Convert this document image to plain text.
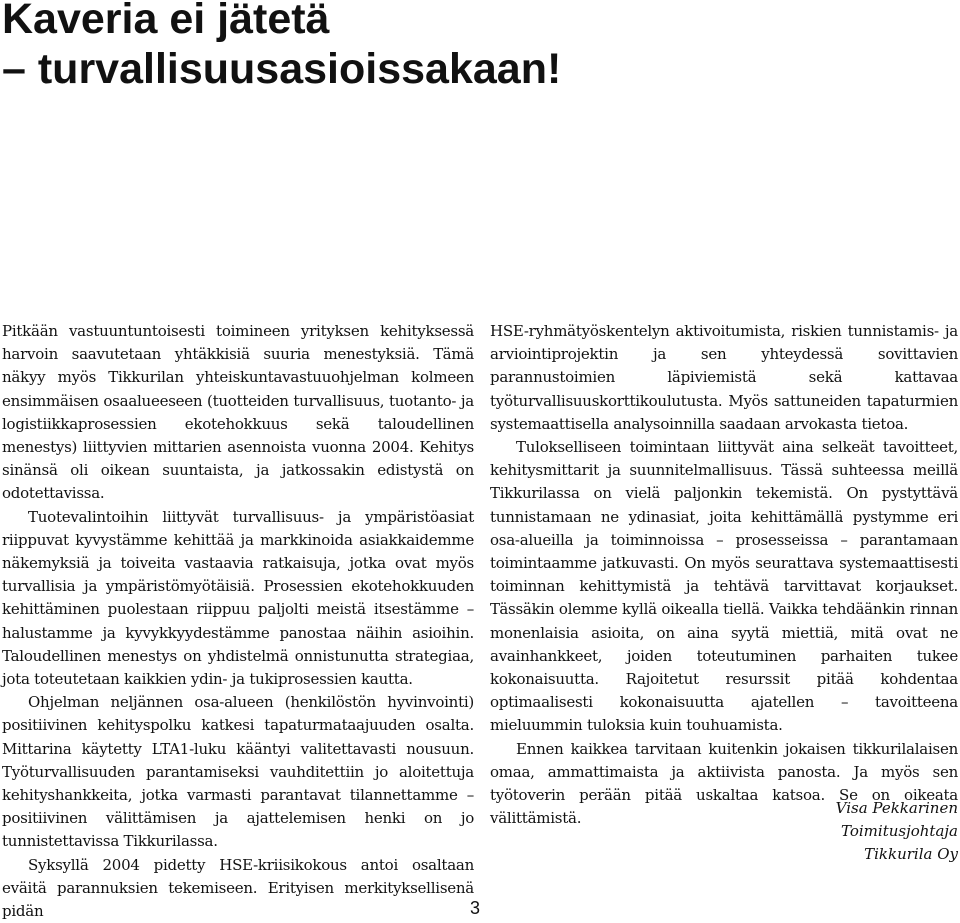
Kaveria ei jätetä
– turvallisuusasioissakaan!

Pitkään vastuuntuntoisesti toimineen yrityksen kehityksessä harvoin saavutetaan yhtäkkisiä suuria menestyksiä. Tämä näkyy myös Tikkurilan yhteiskuntavastuuohjelman kolmeen ensimmäisen osaalueeseen (tuotteiden turvallisuus, tuotanto- ja logistiikkaprosessien ekotehokkuus sekä taloudellinen menestys) liittyvien mittarien asennoista vuonna 2004. Kehitys sinänsä oli oikean suuntaista, ja jatkossakin edistystä on odotettavissa.

Tuotevalintoihin liittyvät turvallisuus- ja ympäristöasiat riippuvat kyvystämme kehittää ja markkinoida asiakkaidemme näkemyksiä ja toiveita vastaavia ratkaisuja, jotka ovat myös turvallisia ja ympäristömyötäisiä. Prosessien ekotehokkuuden kehittäminen puolestaan riippuu paljolti meistä itsestämme – halustamme ja kyvykkyydestämme panostaa näihin asioihin. Taloudellinen menestys on yhdistelmä onnistunutta strategiaa, jota toteutetaan kaikkien ydin- ja tukiprosessien kautta.

Ohjelman neljännen osa-alueen (henkilöstön hyvinvointi) positiivinen kehityspolku katkesi tapaturmataajuuden osalta. Mittarina käytetty LTA1-luku kääntyi valitettavasti nousuun. Työturvallisuuden parantamiseksi vauhditettiin jo aloitettuja kehityshankkeita, jotka varmasti parantavat tilannettamme – positiivinen välittämisen ja ajattelemisen henki on jo tunnistettavissa Tikkurilassa.

Syksyllä 2004 pidetty HSE-kriisikokous antoi osaltaan eväitä parannuksien tekemiseen. Erityisen merkityksellisenä pidän

HSE-ryhmätyöskentelyn aktivoitumista, riskien tunnistamis- ja arviointiprojektin ja sen yhteydessä sovittavien parannustoimien läpiviemistä sekä kattavaa työturvallisuuskorttikoulutusta. Myös sattuneiden tapaturmien systemaattisella analysoinnilla saadaan arvokasta tietoa.

Tulokselliseen toimintaan liittyvät aina selkeät tavoitteet, kehitysmittarit ja suunnitelmallisuus. Tässä suhteessa meillä Tikkurilassa on vielä paljonkin tekemistä. On pystyttävä tunnistamaan ne ydinasiat, joita kehittämällä pystymme eri osa-alueilla ja toiminnoissa – prosesseissa – parantamaan toimintaamme jatkuvasti. On myös seurattava systemaattisesti toiminnan kehittymistä ja tehtävä tarvittavat korjaukset. Tässäkin olemme kyllä oikealla tiellä. Vaikka tehdäänkin rinnan monenlaisia asioita, on aina syytä miettiä, mitä ovat ne avainhankkeet, joiden toteutuminen parhaiten tukee kokonaisuutta. Rajoitetut resurssit pitää kohdentaa optimaalisesti kokonaisuutta ajatellen – tavoitteena mieluummin tuloksia kuin touhuamista.

Ennen kaikkea tarvitaan kuitenkin jokaisen tikkurilalaisen omaa, ammattimaista ja aktiivista panosta. Ja myös sen työtoverin perään pitää uskaltaa katsoa. Se on oikeata välittämistä.

Visa Pekkarinen
Toimitusjohtaja
Tikkurila Oy
3
